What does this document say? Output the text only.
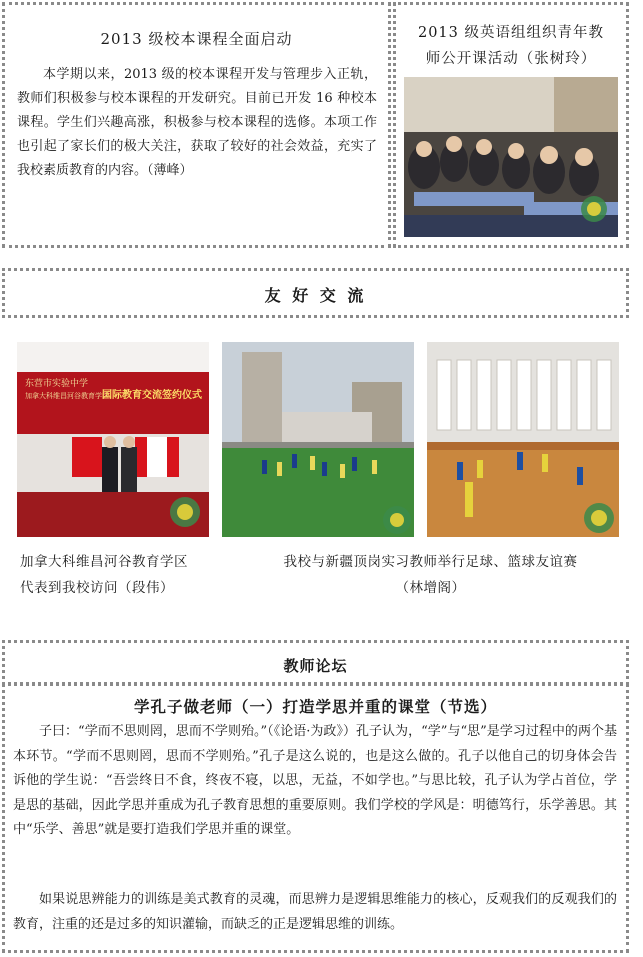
2013 级校本课程全面启动
本学期以来，2013 级的校本课程开发与管理步入正轨，教师们积极参与校本课程的开发研究。目前已开发 16 种校本课程。学生们兴趣高涨，积极参与校本课程的选修。本项工作也引起了家长们的极大关注，获取了较好的社会效益，充实了我校素质教育的内容。（薄峰）
2013 级英语组组织青年教
师公开课活动（张树玲）
友 好 交 流
东营市实验中学
加拿大科维昌河谷教育学区
国际教育交流签约仪式
加拿大科维昌河谷教育学区
代表到我校访问（段伟）
我校与新疆顶岗实习教师举行足球、篮球友谊赛
（林增阁）
教师论坛
学孔子做老师（一）打造学思并重的课堂（节选）
子曰：“学而不思则罔，思而不学则殆。”（《论语·为政》）孔子认为，“学”与“思”是学习过程中的两个基本环节。“学而不思则罔，思而不学则殆。”孔子是这么说的，也是这么做的。孔子以他自己的切身体会告诉他的学生说：“吾尝终日不食，终夜不寝，以思，无益，不如学也。”与思比较，孔子认为学占首位，学是思的基础，因此学思并重成为孔子教育思想的重要原则。我们学校的学风是：明德笃行，乐学善思。其中“乐学、善思”就是要打造我们学思并重的课堂。
如果说思辨能力的训练是美式教育的灵魂，而思辨力是逻辑思维能力的核心，反观我们的反观我们的教育，注重的还是过多的知识灌输，而缺乏的正是逻辑思维的训练。
